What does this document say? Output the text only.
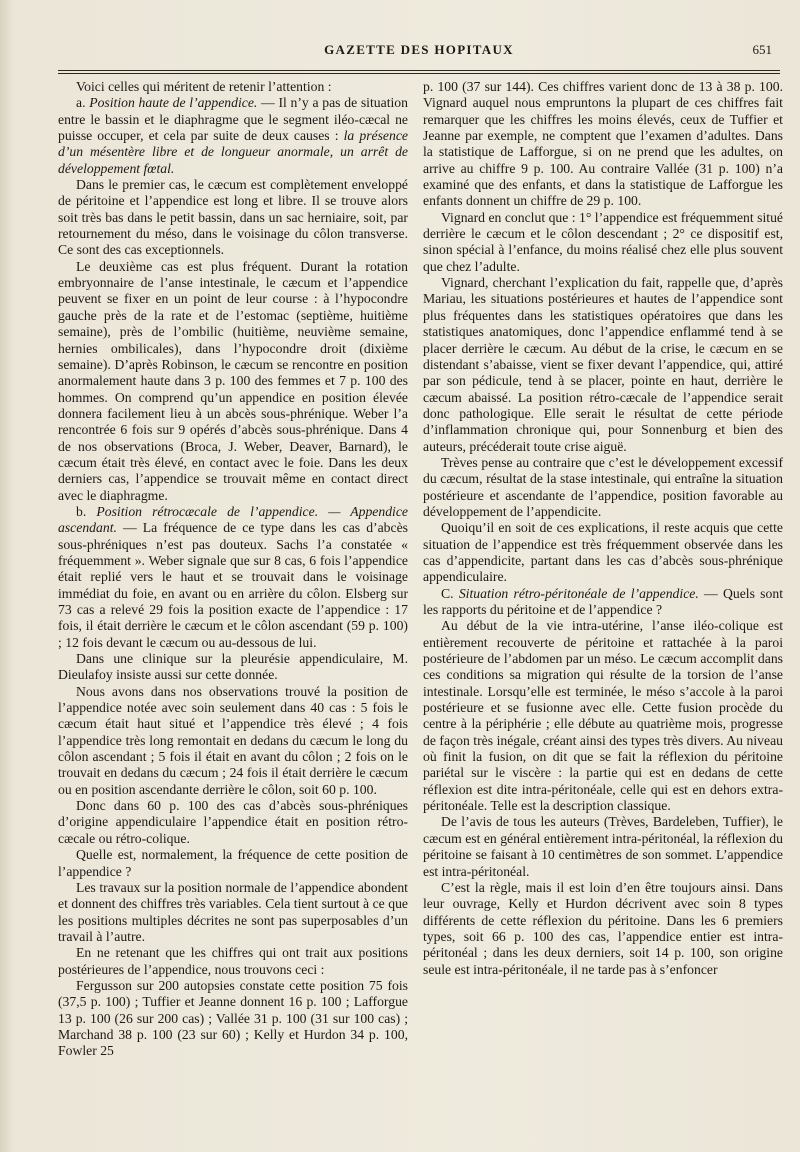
GAZETTE DES HOPITAUX	651

Voici celles qui méritent de retenir l’attention :

a. Position haute de l’appendice. — Il n’y a pas de situation entre le bassin et le diaphragme que le segment iléo-cæcal ne puisse occuper, et cela par suite de deux causes : la présence d’un mésentère libre et de longueur anormale, un arrêt de développement fœtal.

Dans le premier cas, le cæcum est complètement enveloppé de péritoine et l’appendice est long et libre. Il se trouve alors soit très bas dans le petit bassin, dans un sac herniaire, soit, par retournement du méso, dans le voisinage du côlon transverse. Ce sont des cas exceptionnels.

Le deuxième cas est plus fréquent. Durant la rotation embryonnaire de l’anse intestinale, le cæcum et l’appendice peuvent se fixer en un point de leur course : à l’hypocondre gauche près de la rate et de l’estomac (septième, huitième semaine), près de l’ombilic (huitième, neuvième semaine, hernies ombilicales), dans l’hypocondre droit (dixième semaine). D’après Robinson, le cæcum se rencontre en position anormalement haute dans 3 p. 100 des femmes et 7 p. 100 des hommes. On comprend qu’un appendice en position élevée donnera facilement lieu à un abcès sous-phrénique. Weber l’a rencontrée 6 fois sur 9 opérés d’abcès sous-phrénique. Dans 4 de nos observations (Broca, J. Weber, Deaver, Barnard), le cæcum était très élevé, en contact avec le foie. Dans les deux derniers cas, l’appendice se trouvait même en contact direct avec le diaphragme.

b. Position rétrocæcale de l’appendice. — Appendice ascendant. — La fréquence de ce type dans les cas d’abcès sous-phréniques n’est pas douteux. Sachs l’a constatée « fréquemment ». Weber signale que sur 8 cas, 6 fois l’appendice était replié vers le haut et se trouvait dans le voisinage immédiat du foie, en avant ou en arrière du côlon. Elsberg sur 73 cas a relevé 29 fois la position exacte de l’appendice : 17 fois, il était derrière le cæcum et le côlon ascendant (59 p. 100) ; 12 fois devant le cæcum ou au-dessous de lui.

Dans une clinique sur la pleurésie appendiculaire, M. Dieulafoy insiste aussi sur cette donnée.

Nous avons dans nos observations trouvé la position de l’appendice notée avec soin seulement dans 40 cas : 5 fois le cæcum était haut situé et l’appendice très élevé ; 4 fois l’appendice très long remontait en dedans du cæcum le long du côlon ascendant ; 5 fois il était en avant du côlon ; 2 fois on le trouvait en dedans du cæcum ; 24 fois il était derrière le cæcum ou en position ascendante derrière le côlon, soit 60 p. 100.

Donc dans 60 p. 100 des cas d’abcès sous-phréniques d’origine appendiculaire l’appendice était en position rétro-cæcale ou rétro-colique.

Quelle est, normalement, la fréquence de cette position de l’appendice ?

Les travaux sur la position normale de l’appendice abondent et donnent des chiffres très variables. Cela tient surtout à ce que les positions multiples décrites ne sont pas superposables d’un travail à l’autre.

En ne retenant que les chiffres qui ont trait aux positions postérieures de l’appendice, nous trouvons ceci :

Fergusson sur 200 autopsies constate cette position 75 fois (37,5 p. 100) ; Tuffier et Jeanne donnent 16 p. 100 ; Lafforgue 13 p. 100 (26 sur 200 cas) ; Vallée 31 p. 100 (31 sur 100 cas) ; Marchand 38 p. 100 (23 sur 60) ; Kelly et Hurdon 34 p. 100, Fowler 25

p. 100 (37 sur 144). Ces chiffres varient donc de 13 à 38 p. 100. Vignard auquel nous empruntons la plupart de ces chiffres fait remarquer que les chiffres les moins élevés, ceux de Tuffier et Jeanne par exemple, ne comptent que l’examen d’adultes. Dans la statistique de Lafforgue, si on ne prend que les adultes, on arrive au chiffre 9 p. 100. Au contraire Vallée (31 p. 100) n’a examiné que des enfants, et dans la statistique de Lafforgue les enfants donnent un chiffre de 29 p. 100.

Vignard en conclut que : 1° l’appendice est fréquemment situé derrière le cæcum et le côlon descendant ; 2° ce dispositif est, sinon spécial à l’enfance, du moins réalisé chez elle plus souvent que chez l’adulte.

Vignard, cherchant l’explication du fait, rappelle que, d’après Mariau, les situations postérieures et hautes de l’appendice sont plus fréquentes dans les statistiques opératoires que dans les statistiques anatomiques, donc l’appendice enflammé tend à se placer derrière le cæcum. Au début de la crise, le cæcum en se distendant s’abaisse, vient se fixer devant l’appendice, qui, attiré par son pédicule, tend à se placer, pointe en haut, derrière le cæcum abaissé. La position rétro-cæcale de l’appendice serait donc pathologique. Elle serait le résultat de cette période d’inflammation chronique qui, pour Sonnenburg et bien des auteurs, précéderait toute crise aiguë.

Trèves pense au contraire que c’est le développement excessif du cæcum, résultat de la stase intestinale, qui entraîne la situation postérieure et ascendante de l’appendice, position favorable au développement de l’appendicite.

Quoiqu’il en soit de ces explications, il reste acquis que cette situation de l’appendice est très fréquemment observée dans les cas d’appendicite, partant dans les cas d’abcès sous-phrénique appendiculaire.

C. Situation rétro-péritonéale de l’appendice. — Quels sont les rapports du péritoine et de l’appendice ?

Au début de la vie intra-utérine, l’anse iléo-colique est entièrement recouverte de péritoine et rattachée à la paroi postérieure de l’abdomen par un méso. Le cæcum accomplit dans ces conditions sa migration qui résulte de la torsion de l’anse intestinale. Lorsqu’elle est terminée, le méso s’accole à la paroi postérieure et se fusionne avec elle. Cette fusion procède du centre à la périphérie ; elle débute au quatrième mois, progresse de façon très inégale, créant ainsi des types très divers. Au niveau où finit la fusion, on dit que se fait la réflexion du péritoine pariétal sur le viscère : la partie qui est en dedans de cette réflexion est dite intra-péritonéale, celle qui est en dehors extra-péritonéale. Telle est la description classique.

De l’avis de tous les auteurs (Trèves, Bardeleben, Tuffier), le cæcum est en général entièrement intra-péritonéal, la réflexion du péritoine se faisant à 10 centimètres de son sommet. L’appendice est intra-péritonéal.

C’est la règle, mais il est loin d’en être toujours ainsi. Dans leur ouvrage, Kelly et Hurdon décrivent avec soin 8 types différents de cette réflexion du péritoine. Dans les 6 premiers types, soit 66 p. 100 des cas, l’appendice entier est intra-péritonéal ; dans les deux derniers, soit 14 p. 100, son origine seule est intra-péritonéale, il ne tarde pas à s’enfoncer
